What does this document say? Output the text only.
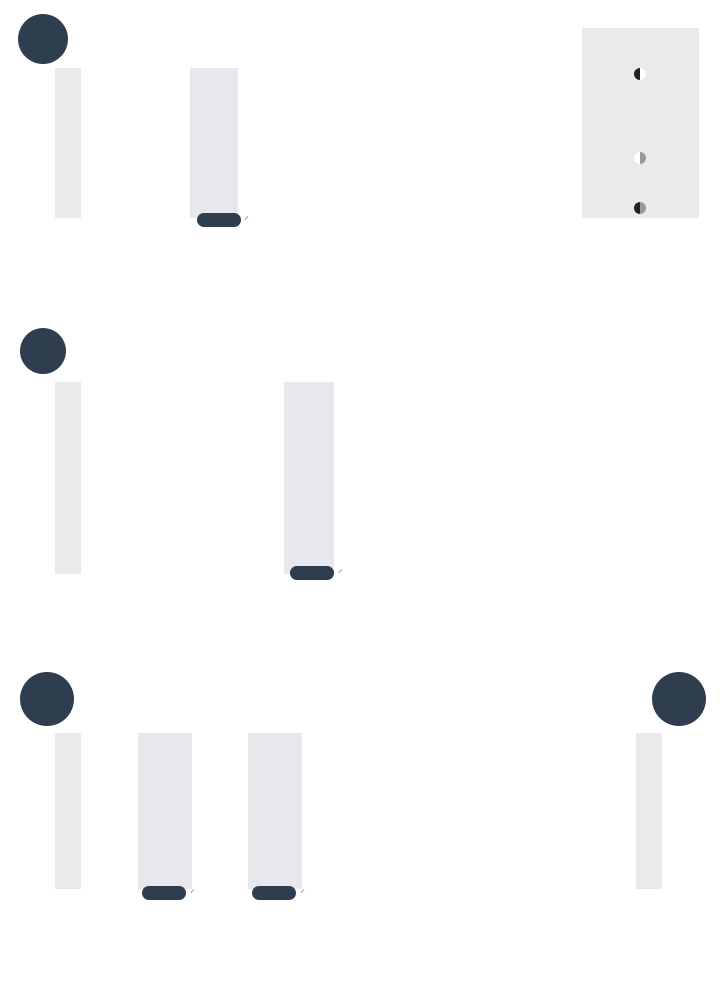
⸝
⸝
⸝	⸝
